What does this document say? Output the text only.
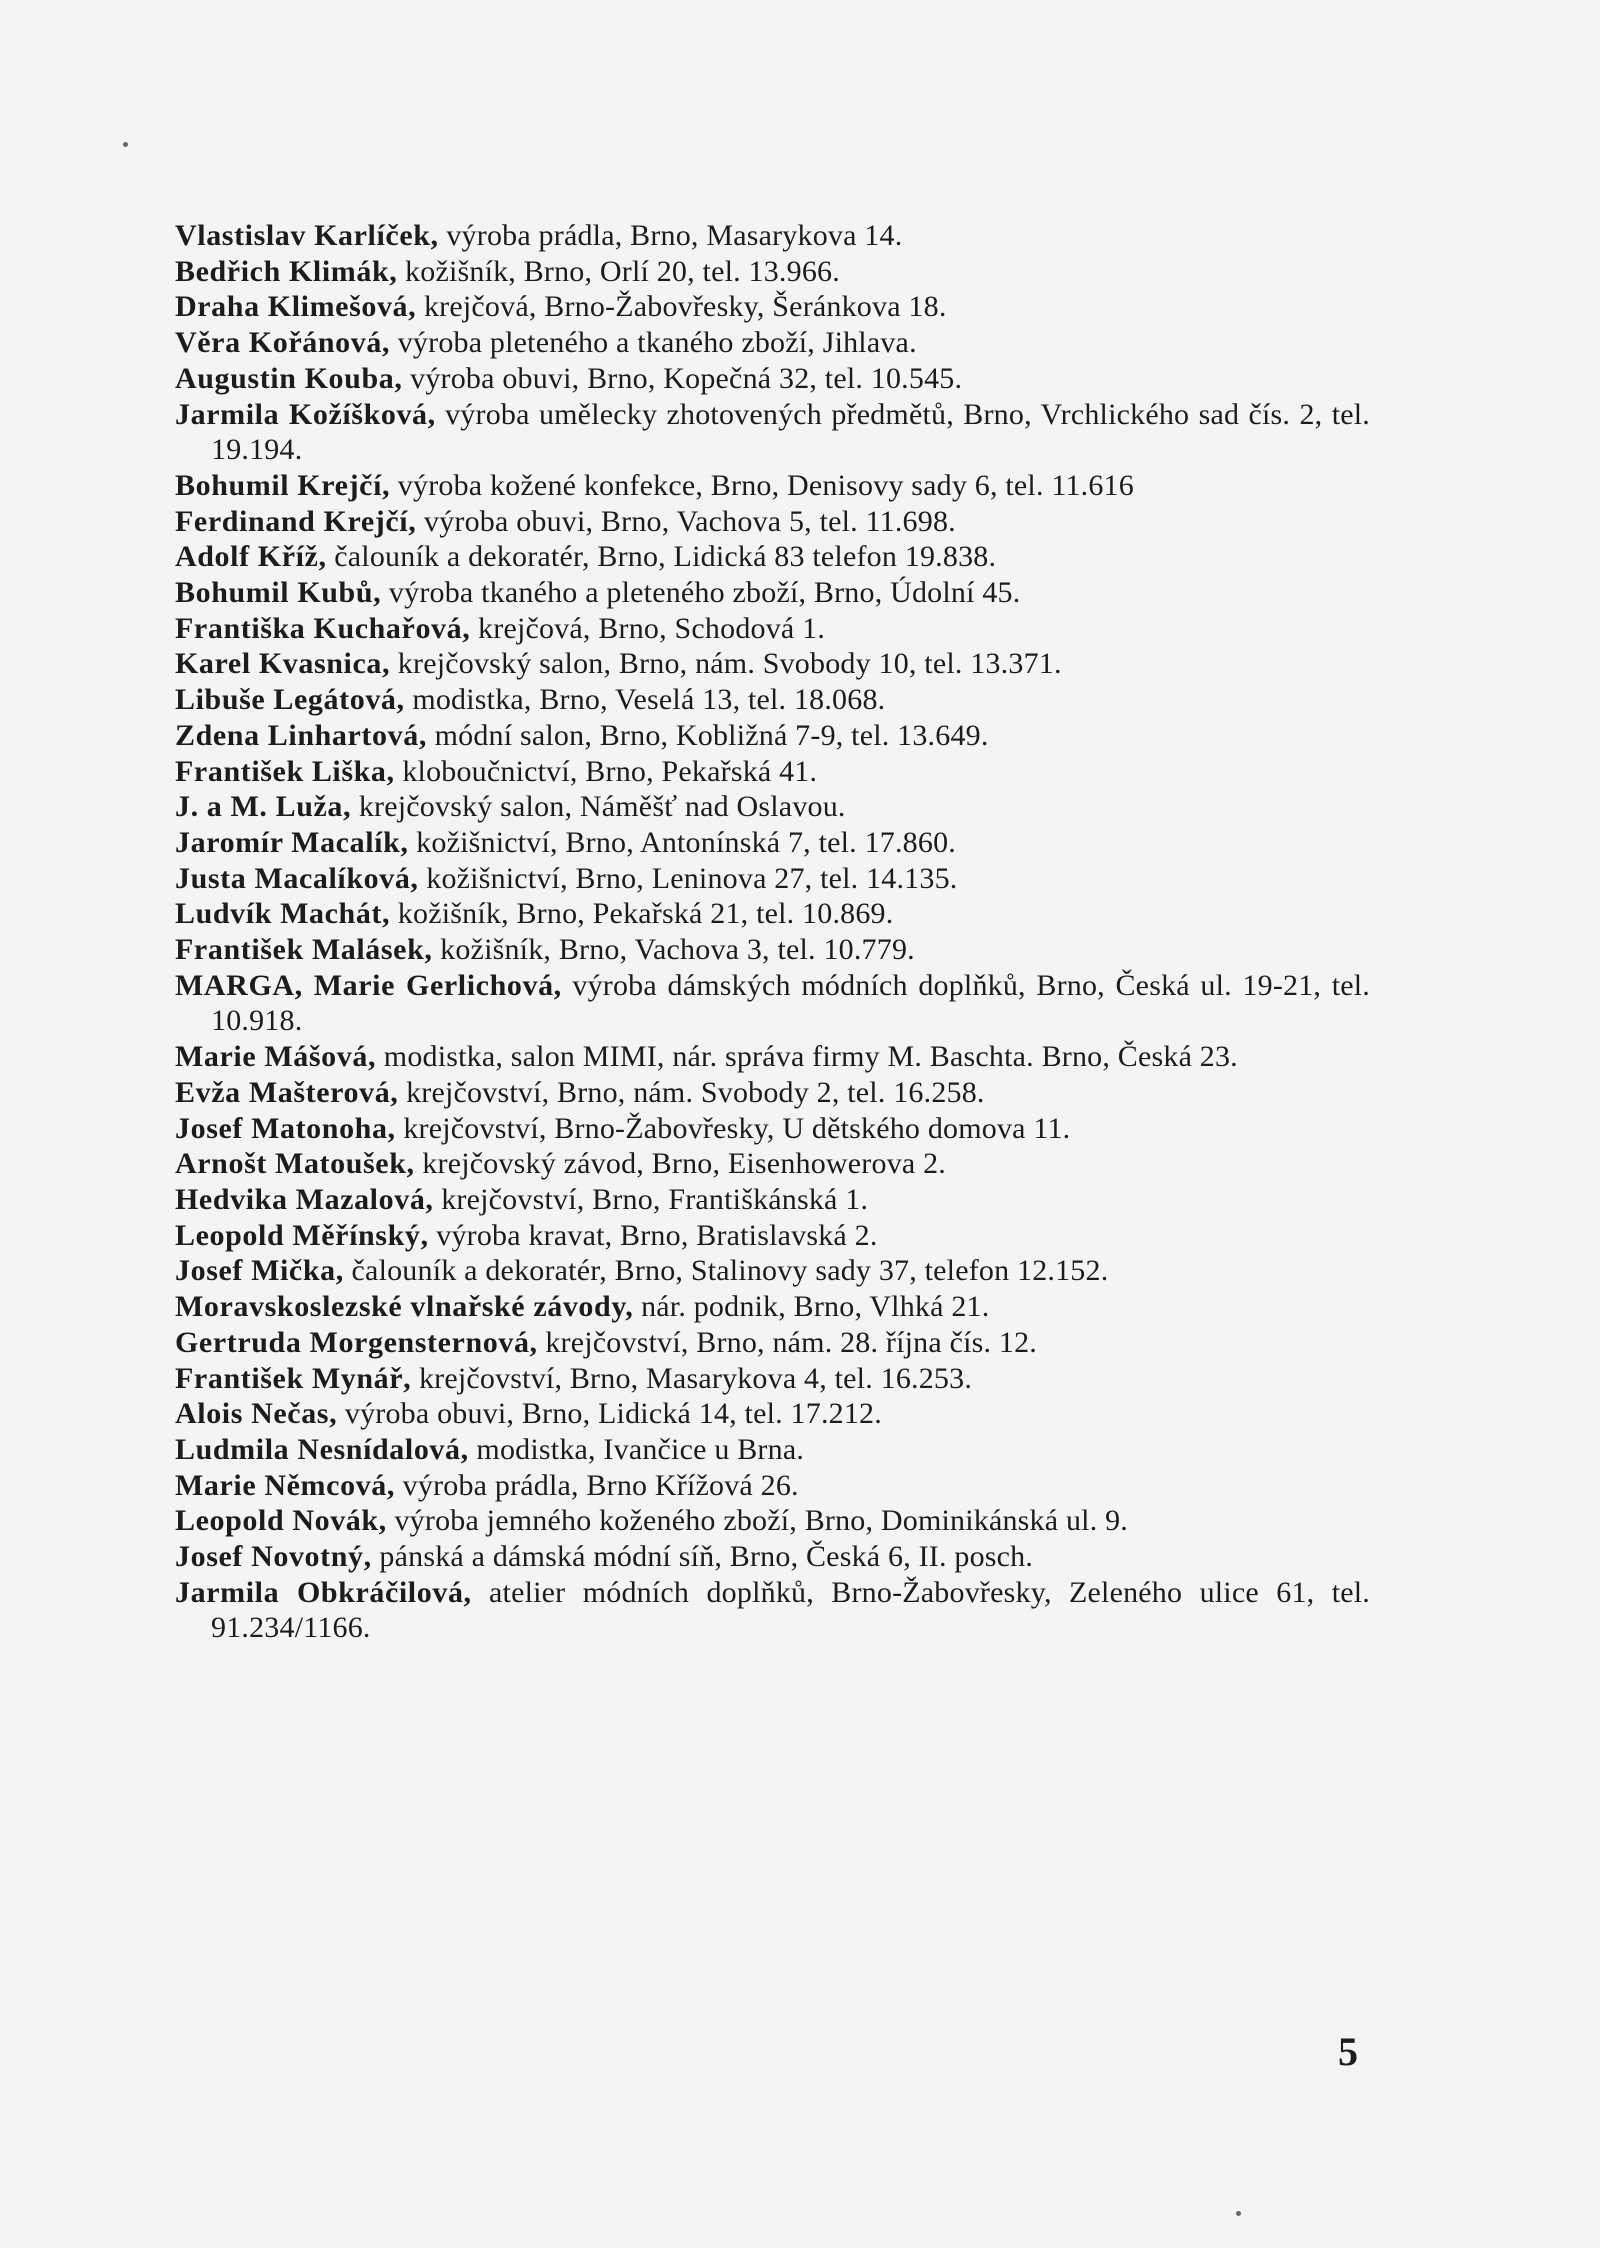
Vlastislav Karlíček, výroba prádla, Brno, Masarykova 14.
Bedřich Klimák, kožišník, Brno, Orlí 20, tel. 13.966.
Draha Klimešová, krejčová, Brno-Žabovřesky, Šeránkova 18.
Věra Kořánová, výroba pleteného a tkaného zboží, Jihlava.
Augustin Kouba, výroba obuvi, Brno, Kopečná 32, tel. 10.545.
Jarmila Kožíšková, výroba umělecky zhotovených předmětů, Brno, Vrchlického sad čís. 2, tel. 19.194.
Bohumil Krejčí, výroba kožené konfekce, Brno, Denisovy sady 6, tel. 11.616
Ferdinand Krejčí, výroba obuvi, Brno, Vachova 5, tel. 11.698.
Adolf Kříž, čalouník a dekoratér, Brno, Lidická 83 telefon 19.838.
Bohumil Kubů, výroba tkaného a pleteného zboží, Brno, Údolní 45.
Františka Kuchařová, krejčová, Brno, Schodová 1.
Karel Kvasnica, krejčovský salon, Brno, nám. Svobody 10, tel. 13.371.
Libuše Legátová, modistka, Brno, Veselá 13, tel. 18.068.
Zdena Linhartová, módní salon, Brno, Kobližná 7-9, tel. 13.649.
František Liška, kloboučnictví, Brno, Pekařská 41.
J. a M. Luža, krejčovský salon, Náměšť nad Oslavou.
Jaromír Macalík, kožišnictví, Brno, Antonínská 7, tel. 17.860.
Justa Macalíková, kožišnictví, Brno, Leninova 27, tel. 14.135.
Ludvík Machát, kožišník, Brno, Pekařská 21, tel. 10.869.
František Malásek, kožišník, Brno, Vachova 3, tel. 10.779.
MARGA, Marie Gerlichová, výroba dámských módních doplňků, Brno, Česká ul. 19-21, tel. 10.918.
Marie Mášová, modistka, salon MIMI, nár. správa firmy M. Baschta. Brno, Česká 23.
Evža Mašterová, krejčovství, Brno, nám. Svobody 2, tel. 16.258.
Josef Matonoha, krejčovství, Brno-Žabovřesky, U dětského domova 11.
Arnošt Matoušek, krejčovský závod, Brno, Eisenhowerova 2.
Hedvika Mazalová, krejčovství, Brno, Františkánská 1.
Leopold Měřínský, výroba kravat, Brno, Bratislavská 2.
Josef Mička, čalouník a dekoratér, Brno, Stalinovy sady 37, telefon 12.152.
Moravskoslezské vlnařské závody, nár. podnik, Brno, Vlhká 21.
Gertruda Morgensternová, krejčovství, Brno, nám. 28. října čís. 12.
František Mynář, krejčovství, Brno, Masarykova 4, tel. 16.253.
Alois Nečas, výroba obuvi, Brno, Lidická 14, tel. 17.212.
Ludmila Nesnídalová, modistka, Ivančice u Brna.
Marie Němcová, výroba prádla, Brno Křížová 26.
Leopold Novák, výroba jemného koženého zboží, Brno, Dominikánská ul. 9.
Josef Novotný, pánská a dámská módní síň, Brno, Česká 6, II. posch.
Jarmila Obkráčilová, atelier módních doplňků, Brno-Žabovřesky, Zeleného ulice 61, tel. 91.234/1166.
5
